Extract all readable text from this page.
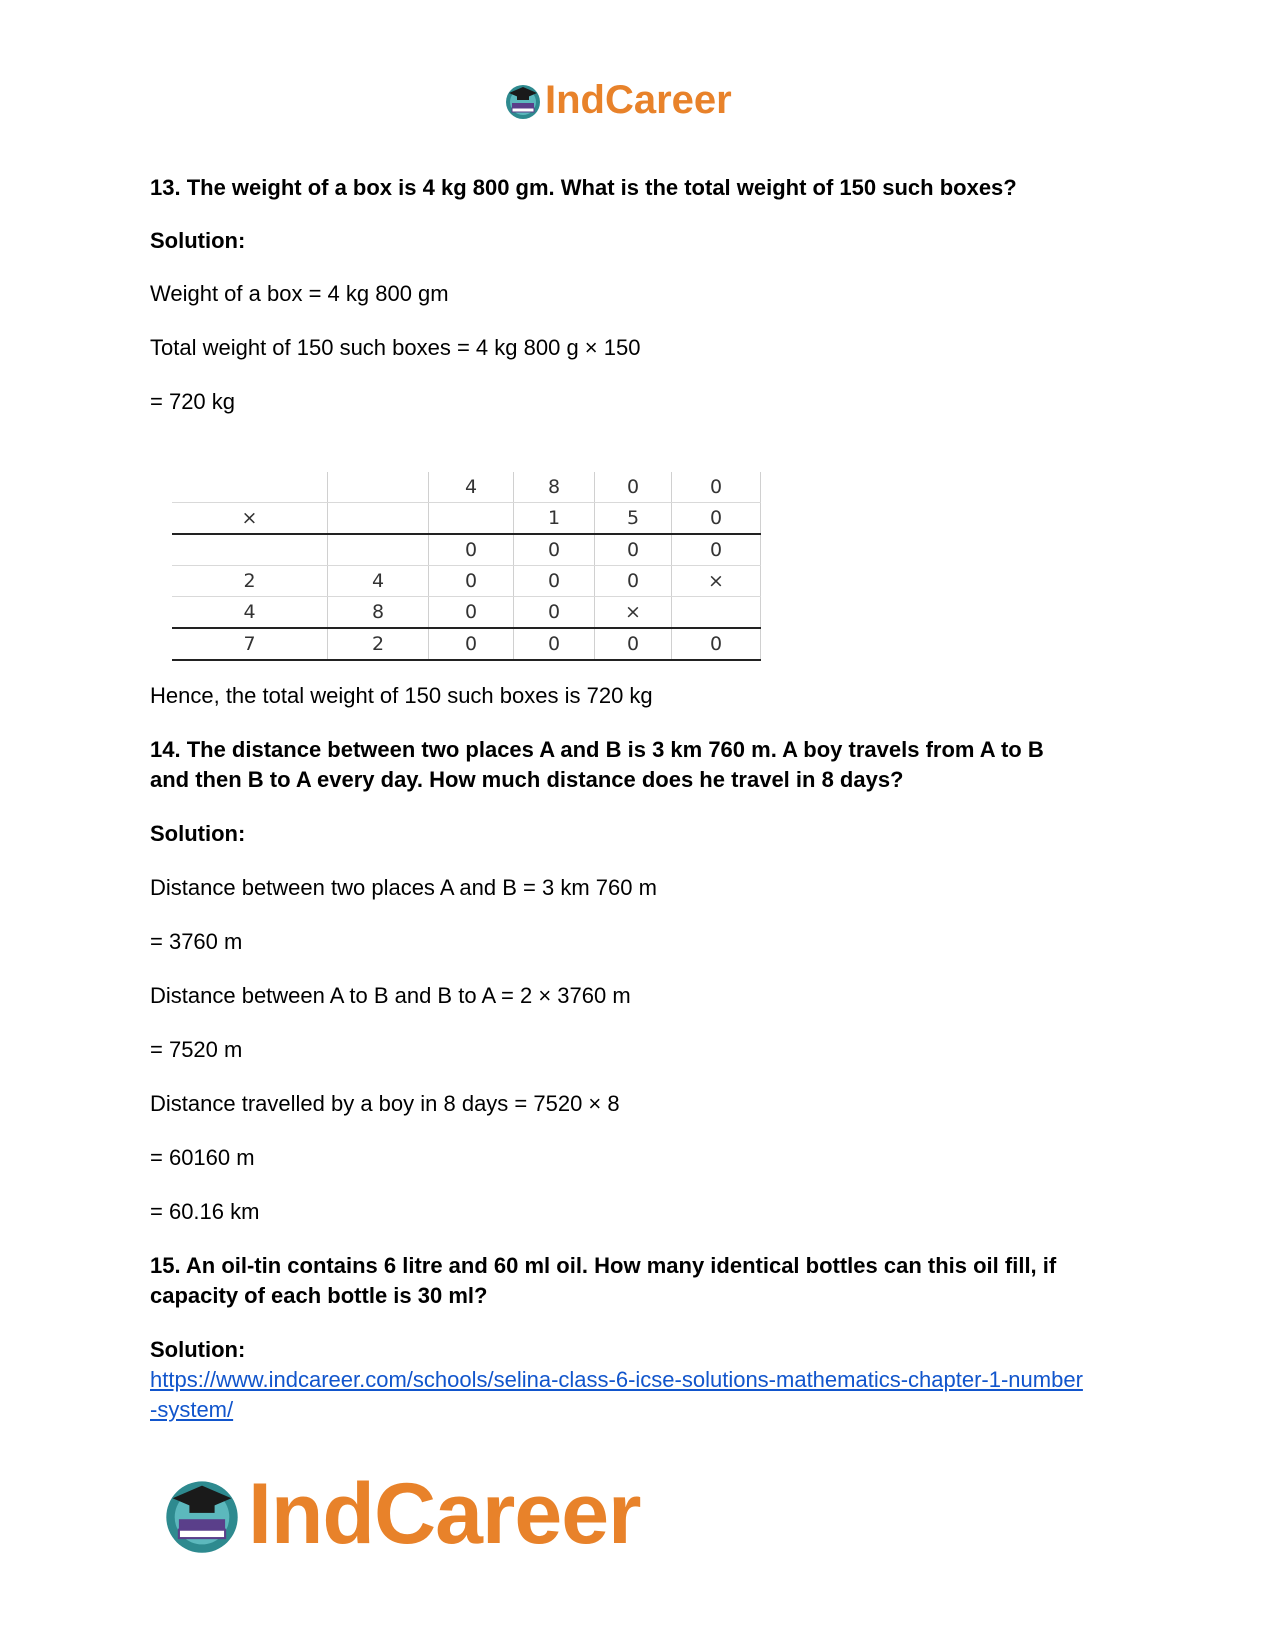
IndCareer
13. The weight of a box is 4 kg 800 gm. What is the total weight of 150 such boxes?
Solution:
Weight of a box = 4 kg 800 gm
Total weight of 150 such boxes = 4 kg 800 g × 150
= 720 kg
Hence, the total weight of 150 such boxes is 720 kg
14. The distance between two places A and B is 3 km 760 m. A boy travels from A to B
and then B to A every day. How much distance does he travel in 8 days?
Solution:
Distance between two places A and B = 3 km 760 m
= 3760 m
Distance between A to B and B to A = 2 × 3760 m
= 7520 m
Distance travelled by a boy in 8 days = 7520 × 8
= 60160 m
= 60.16 km
15. An oil-tin contains 6 litre and 60 ml oil. How many identical bottles can this oil fill, if
capacity of each bottle is 30 ml?
Solution:
https://www.indcareer.com/schools/selina-class-6-icse-solutions-mathematics-chapter-1-number
-system/
		4	8	0	0
×			1	5	0
		0	0	0	0
2	4	0	0	0	×
4	8	0	0	×	
7	2	0	0	0	0
IndCareer
